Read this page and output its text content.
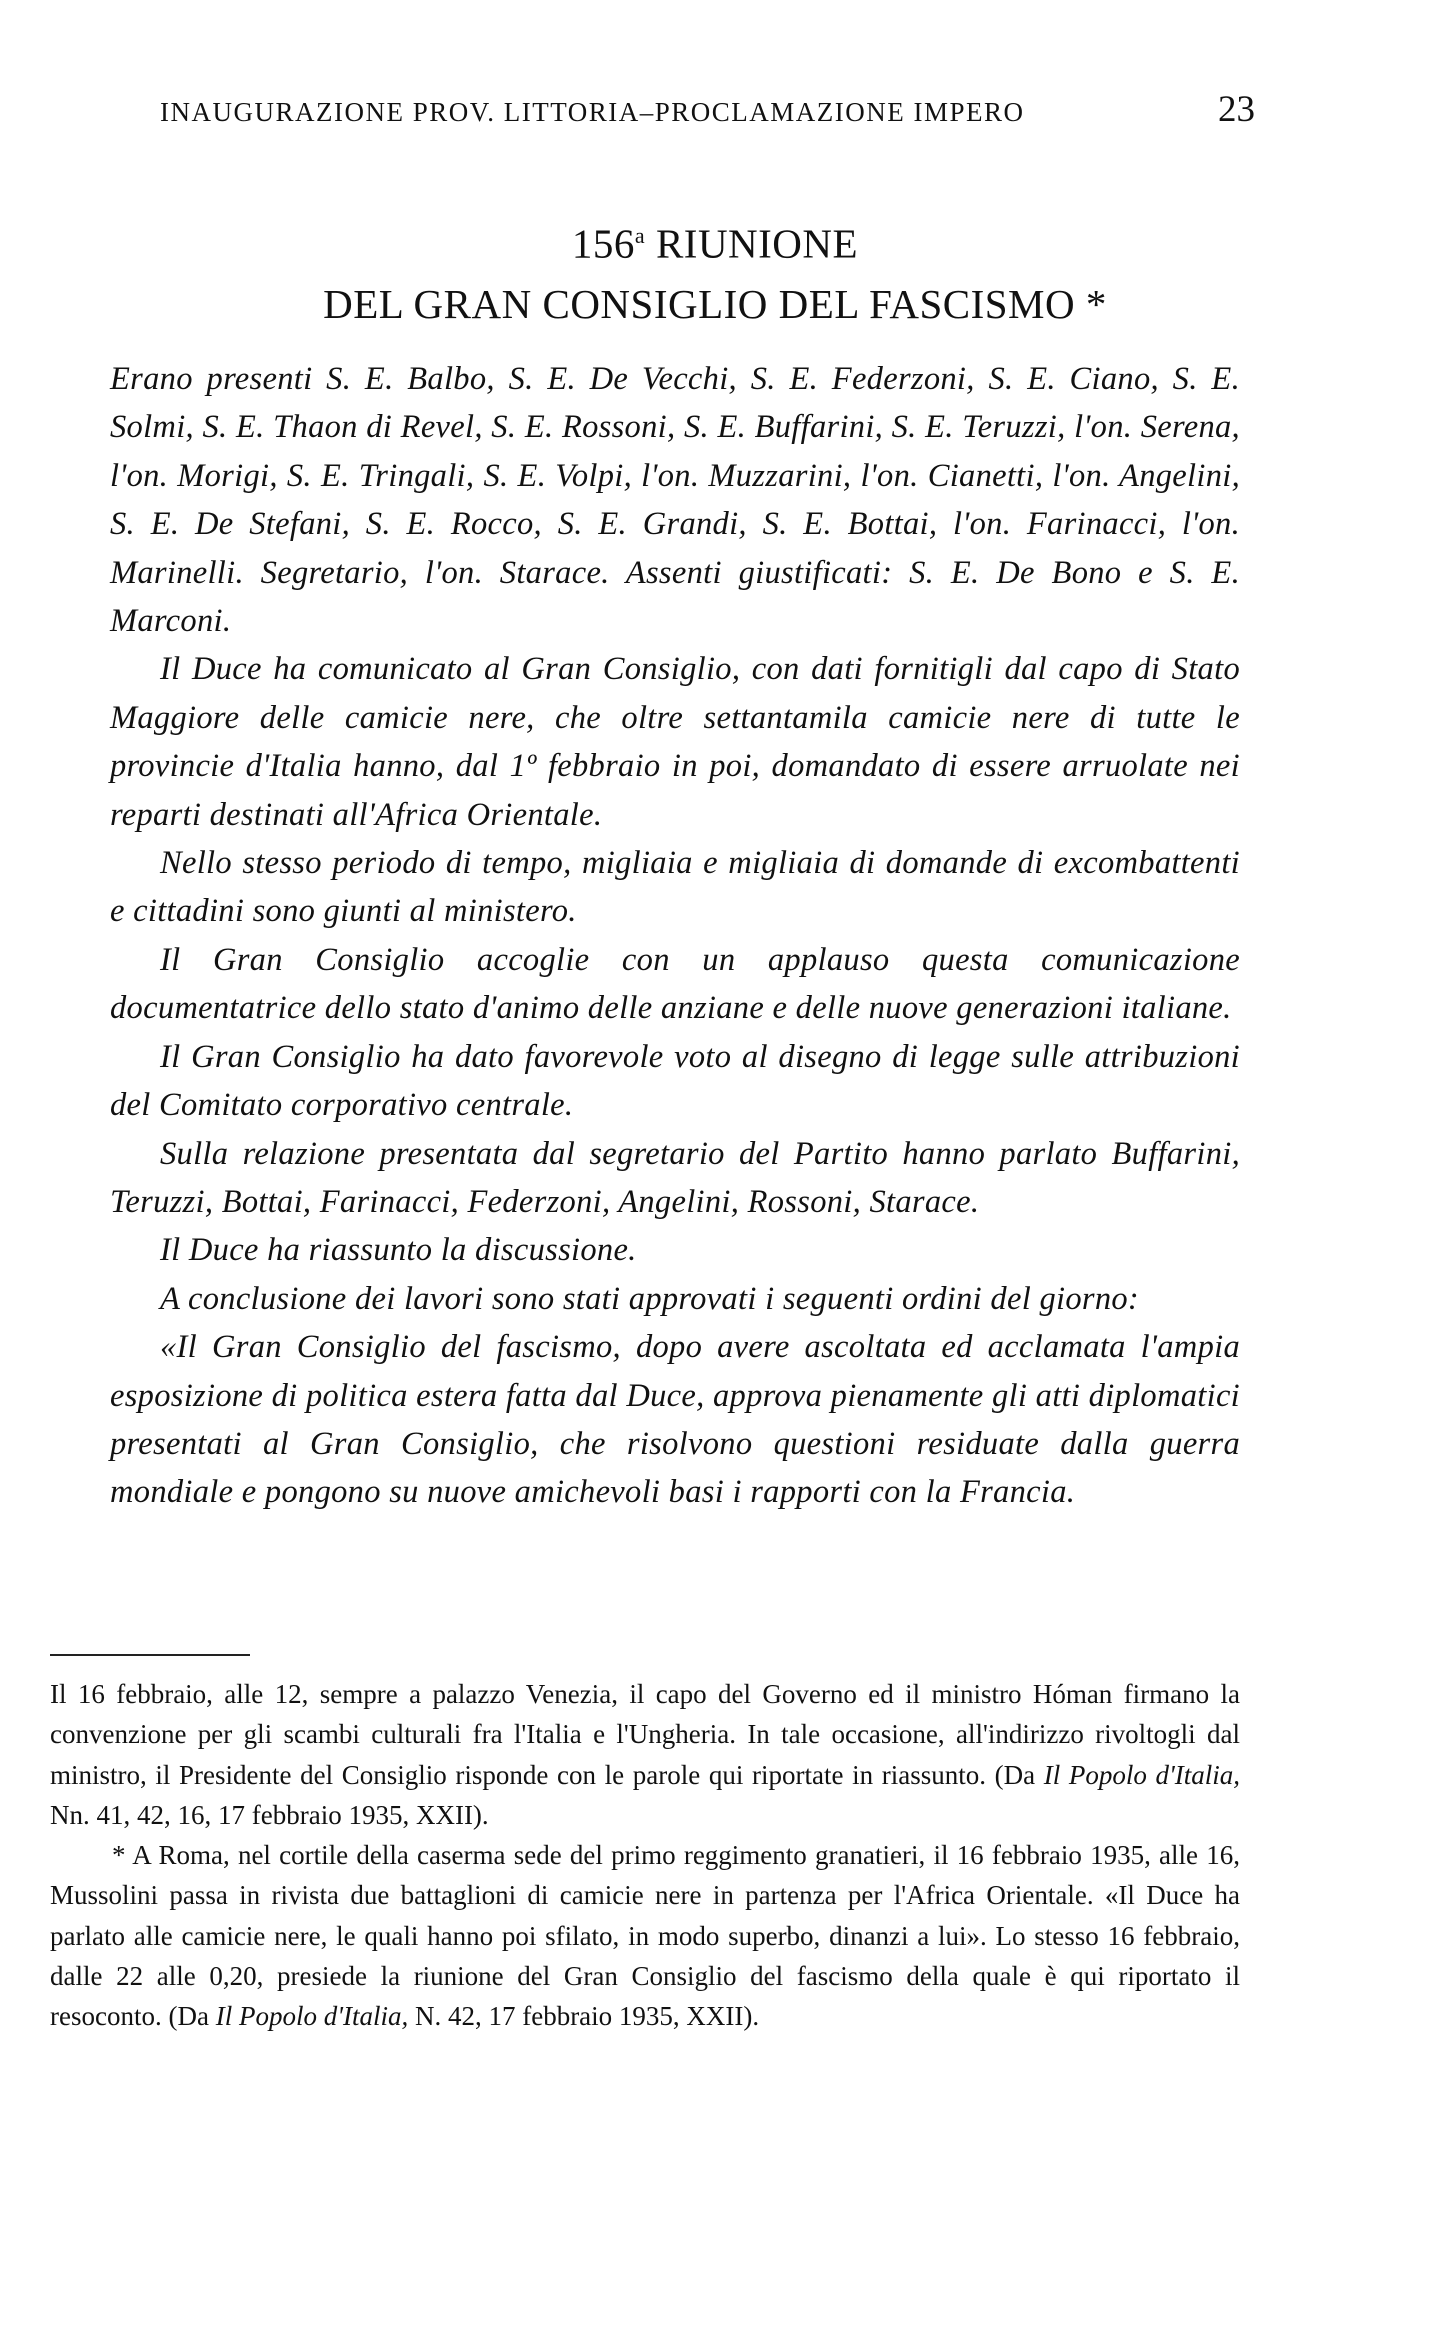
INAUGURAZIONE PROV. LITTORIA–PROCLAMAZIONE IMPERO	23
156$^a$ RIUNIONE
DEL GRAN CONSIGLIO DEL FASCISMO *

Erano presenti S. E. Balbo, S. E. De Vecchi, S. E. Federzoni, S. E. Ciano, S. E. Solmi, S. E. Thaon di Revel, S. E. Rossoni, S. E. Buffarini, S. E. Teruzzi, l'on. Serena, l'on. Morigi, S. E. Tringali, S. E. Volpi, l'on. Muzzarini, l'on. Cianetti, l'on. Angelini, S. E. De Stefani, S. E. Rocco, S. E. Grandi, S. E. Bottai, l'on. Farinacci, l'on. Marinelli. Segretario, l'on. Starace. Assenti giustificati: S. E. De Bono e S. E. Marconi.

Il Duce ha comunicato al Gran Consiglio, con dati fornitigli dal capo di Stato Maggiore delle camicie nere, che oltre settantamila camicie nere di tutte le provincie d'Italia hanno, dal 1º febbraio in poi, domandato di essere arruolate nei reparti destinati all'Africa Orientale.

Nello stesso periodo di tempo, migliaia e migliaia di domande di excombattenti e cittadini sono giunti al ministero.

Il Gran Consiglio accoglie con un applauso questa comunicazione documentatrice dello stato d'animo delle anziane e delle nuove generazioni italiane.

Il Gran Consiglio ha dato favorevole voto al disegno di legge sulle attribuzioni del Comitato corporativo centrale.

Sulla relazione presentata dal segretario del Partito hanno parlato Buffarini, Teruzzi, Bottai, Farinacci, Federzoni, Angelini, Rossoni, Starace.

Il Duce ha riassunto la discussione.

A conclusione dei lavori sono stati approvati i seguenti ordini del giorno:

«Il Gran Consiglio del fascismo, dopo avere ascoltata ed acclamata l'ampia esposizione di politica estera fatta dal Duce, approva pienamente gli atti diplomatici presentati al Gran Consiglio, che risolvono questioni residuate dalla guerra mondiale e pongono su nuove amichevoli basi i rapporti con la Francia.

Il 16 febbraio, alle 12, sempre a palazzo Venezia, il capo del Governo ed il ministro Hóman firmano la convenzione per gli scambi culturali fra l'Italia e l'Ungheria. In tale occasione, all'indirizzo rivoltogli dal ministro, il Presidente del Consiglio risponde con le parole qui riportate in riassunto. (Da Il Popolo d'Italia, Nn. 41, 42, 16, 17 febbraio 1935, XXII).

* A Roma, nel cortile della caserma sede del primo reggimento granatieri, il 16 febbraio 1935, alle 16, Mussolini passa in rivista due battaglioni di camicie nere in partenza per l'Africa Orientale. «Il Duce ha parlato alle camicie nere, le quali hanno poi sfilato, in modo superbo, dinanzi a lui». Lo stesso 16 febbraio, dalle 22 alle 0,20, presiede la riunione del Gran Consiglio del fascismo della quale è qui riportato il resoconto. (Da Il Popolo d'Italia, N. 42, 17 febbraio 1935, XXII).
